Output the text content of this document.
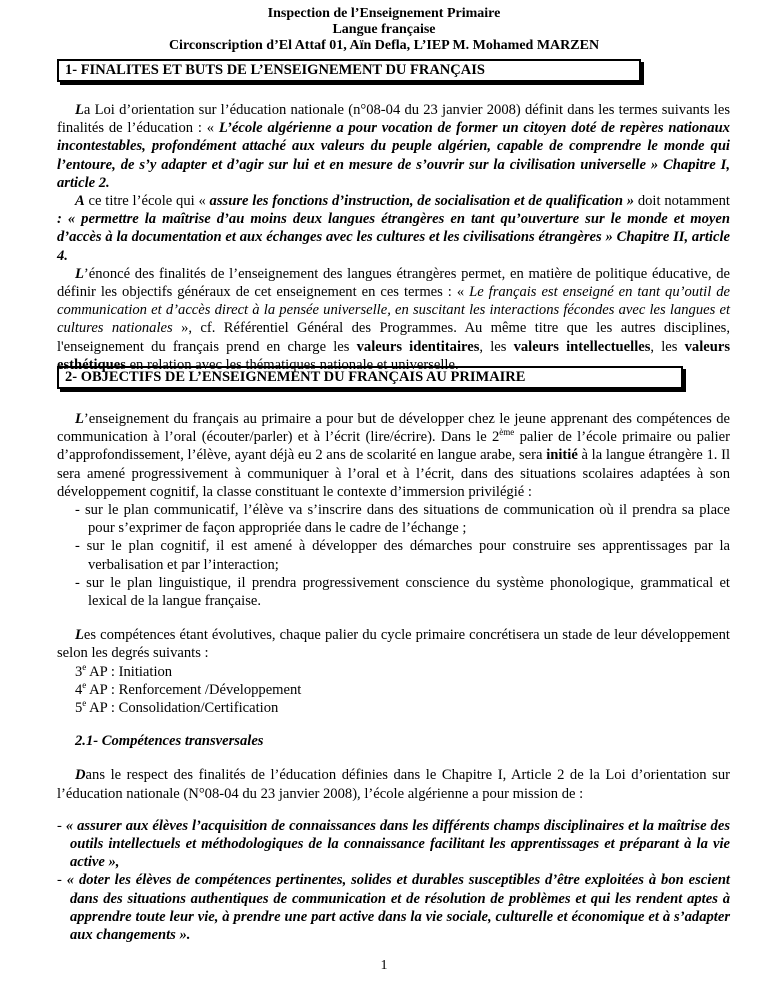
Inspection de l’Enseignement Primaire
Langue française
Circonscription d’El Attaf 01, Aïn Defla, L’IEP M. Mohamed MARZEN
1- FINALITES ET BUTS DE L’ENSEIGNEMENT DU FRANÇAIS

La Loi d’orientation sur l’éducation nationale (n°08-04 du 23 janvier 2008) définit dans les termes suivants les finalités de l’éducation : « L’école algérienne a pour vocation de former un citoyen doté de repères nationaux incontestables, profondément attaché aux valeurs du peuple algérien, capable de comprendre le monde qui l’entoure, de s’y adapter et d’agir sur lui et en mesure de s’ouvrir sur la civilisation universelle » Chapitre I, article 2.

A ce titre l’école qui « assure les fonctions d’instruction, de socialisation et de qualification » doit notamment : « permettre la maîtrise d’au moins deux langues étrangères en tant qu’ouverture sur le monde et moyen d’accès à la documentation et aux échanges avec les cultures et les civilisations étrangères » Chapitre II, article 4.

L’énoncé des finalités de l’enseignement des langues étrangères permet, en matière de politique éducative, de définir les objectifs généraux de cet enseignement en ces termes : « Le français est enseigné en tant qu’outil de communication et d’accès direct à la pensée universelle, en suscitant les interactions fécondes avec les langues et cultures nationales », cf. Référentiel Général des Programmes. Au même titre que les autres disciplines, l'enseignement du français prend en charge les valeurs identitaires, les valeurs intellectuelles, les valeurs esthétiques en relation avec les thématiques nationale et universelle.

2- OBJECTIFS DE L’ENSEIGNEMENT DU FRANÇAIS AU PRIMAIRE

L’enseignement du français au primaire a pour but de développer chez le jeune apprenant des compétences de communication à l’oral (écouter/parler) et à l’écrit (lire/écrire). Dans le 2ème palier de l’école primaire ou palier d’approfondissement, l’élève, ayant déjà eu 2 ans de scolarité en langue arabe, sera initié à la langue étrangère 1. Il sera amené progressivement à communiquer à l’oral et à l’écrit, dans des situations scolaires adaptées à son développement cognitif, la classe constituant le contexte d’immersion privilégié :

- sur le plan communicatif, l’élève va s’inscrire dans des situations de communication où il prendra sa place pour s’exprimer de façon appropriée dans le cadre de l’échange ;
- sur le plan cognitif, il est amené à développer des démarches pour construire ses apprentissages par la verbalisation et par l’interaction;
- sur le plan linguistique, il prendra progressivement conscience du système phonologique, grammatical et lexical de la langue française.

Les compétences étant évolutives, chaque palier du cycle primaire concrétisera un stade de leur développement selon les degrés suivants :

3e AP : Initiation
4e AP : Renforcement /Développement
5e AP : Consolidation/Certification
2.1- Compétences transversales

Dans le respect des finalités de l’éducation définies dans le Chapitre I, Article 2 de la Loi d’orientation sur l’éducation nationale (N°08-04 du 23 janvier 2008), l’école algérienne a pour mission de :

- « assurer aux élèves l’acquisition de connaissances dans les différents champs disciplinaires et la maîtrise des outils intellectuels et méthodologiques de la connaissance facilitant les apprentissages et préparant à la vie active »,
- « doter les élèves de compétences pertinentes, solides et durables susceptibles d’être exploitées à bon escient dans des situations authentiques de communication et de résolution de problèmes et qui les rendent aptes à apprendre toute leur vie, à prendre une part active dans la vie sociale, culturelle et économique et à s’adapter aux changements ».
1
